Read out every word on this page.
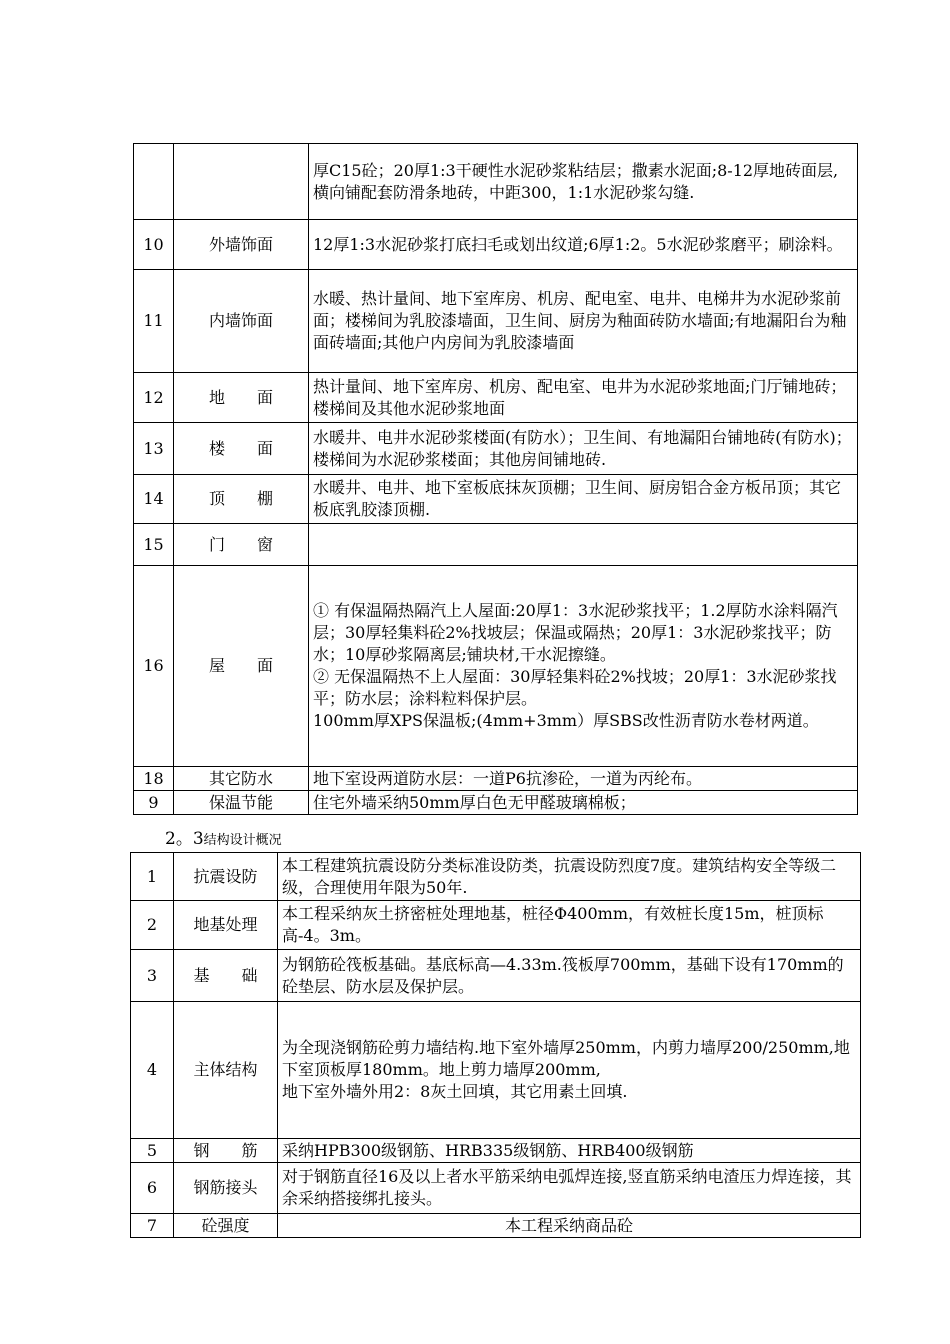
		厚C15砼；20厚1:3干硬性水泥砂浆粘结层；撒素水泥面;8-12厚地砖面层,横向铺配套防滑条地砖，中距300，1:1水泥砂浆勾缝.

10	外墙饰面	12厚1:3水泥砂浆打底扫毛或划出纹道;6厚1:2。5水泥砂浆磨平；刷涂料。

11	内墙饰面	水暖、热计量间、地下室库房、机房、配电室、电井、电梯井为水泥砂浆前面；楼梯间为乳胶漆墙面，卫生间、厨房为釉面砖防水墙面;有地漏阳台为釉面砖墙面;其他户内房间为乳胶漆墙面

12	地　　面	热计量间、地下室库房、机房、配电室、电井为水泥砂浆地面;门厅铺地砖；楼梯间及其他水泥砂浆地面

13	楼　　面	水暖井、电井水泥砂浆楼面(有防水）；卫生间、有地漏阳台铺地砖(有防水)；楼梯间为水泥砂浆楼面；其他房间铺地砖.

14	顶　　棚	水暖井、电井、地下室板底抹灰顶棚；卫生间、厨房铝合金方板吊顶；其它板底乳胶漆顶棚.

15	门　　窗	

16	屋　　面	① 有保温隔热隔汽上人屋面:20厚1：3水泥砂浆找平；1.2厚防水涂料隔汽层；30厚轻集料砼2%找坡层；保温或隔热；20厚1：3水泥砂浆找平；防水；10厚砂浆隔离层;铺块材,干水泥擦缝。
② 无保温隔热不上人屋面：30厚轻集料砼2%找坡；20厚1：3水泥砂浆找平；防水层；涂料粒料保护层。
100mm厚XPS保温板;(4mm+3mm）厚SBS改性沥青防水卷材两道。

18	其它防水	地下室设两道防水层：一道P6抗渗砼，一道为丙纶布。

9	保温节能	住宅外墙采纳50mm厚白色无甲醛玻璃棉板；
2。3结构设计概况
1	抗震设防	本工程建筑抗震设防分类标准设防类，抗震设防烈度7度。建筑结构安全等级二级，合理使用年限为50年.

2	地基处理	本工程采纳灰土挤密桩处理地基，桩径Φ400mm，有效桩长度15m，桩顶标高-4。3m。

3	基　　础	为钢筋砼筏板基础。基底标高—4.33m.筏板厚700mm，基础下设有170mm的砼垫层、防水层及保护层。

4	主体结构	为全现浇钢筋砼剪力墙结构.地下室外墙厚250mm，内剪力墙厚200/250mm,地下室顶板厚180mm。地上剪力墙厚200mm,
地下室外墙外用2：8灰土回填，其它用素土回填.

5	钢　　筋	采纳HPB300级钢筋、HRB335级钢筋、HRB400级钢筋

6	钢筋接头	对于钢筋直径16及以上者水平筋采纳电弧焊连接,竖直筋采纳电渣压力焊连接，其余采纳搭接绑扎接头。

7	砼强度	本工程采纳商品砼
